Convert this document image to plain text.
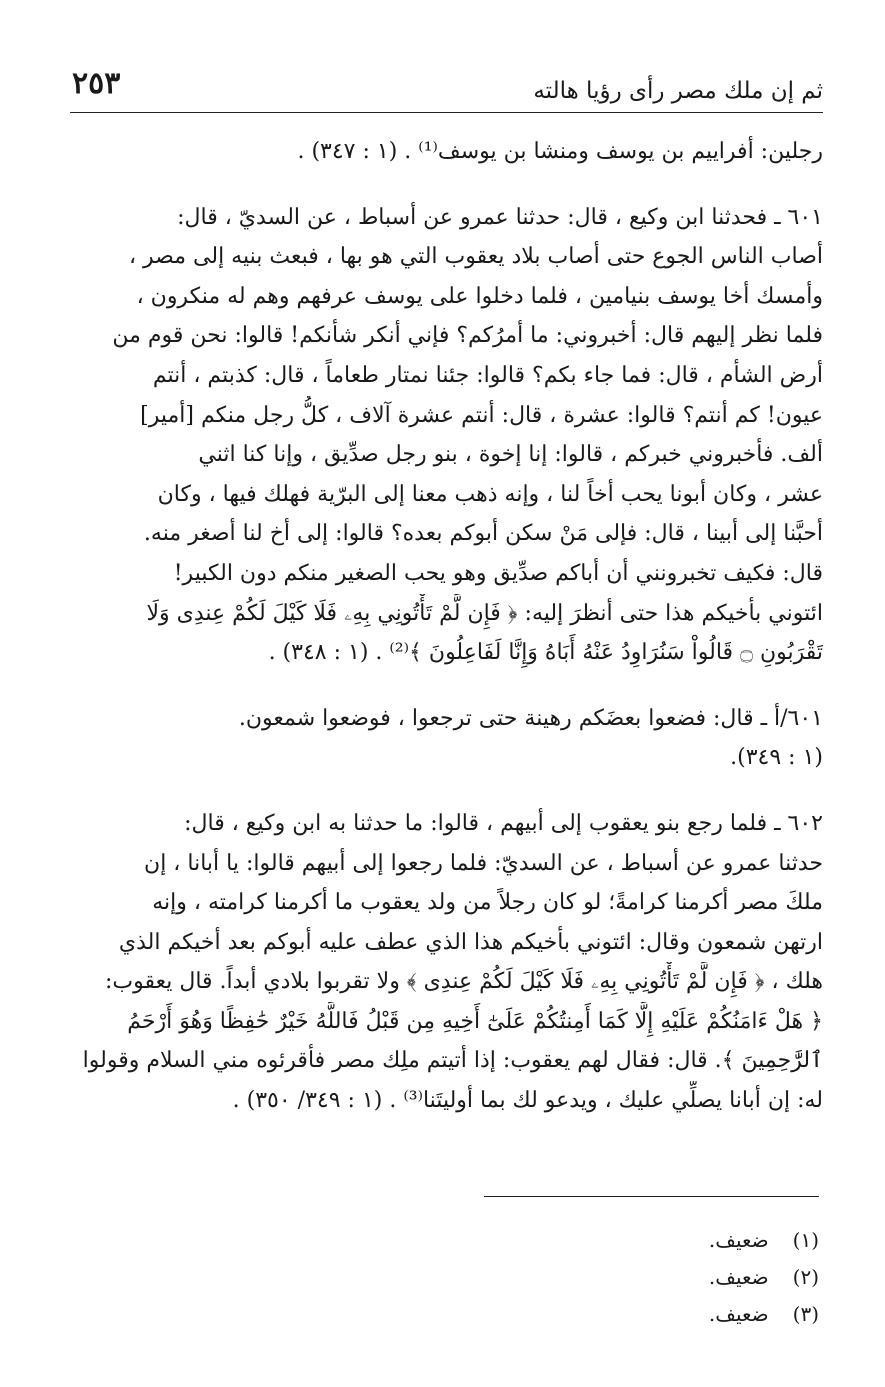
ثم إن ملك مصر رأى رؤيا هالته
٢٥٣
رجلين: أفراييم بن يوسف ومنشا بن يوسف⁽¹⁾ . (١ : ٣٤٧) .
٦٠١ ـ فحدثنا ابن وكيع ، قال: حدثنا عمرو عن أسباط ، عن السديّ ، قال:
أصاب الناس الجوع حتى أصاب بلاد يعقوب التي هو بها ، فبعث بنيه إلى مصر ،
وأمسك أخا يوسف بنيامين ، فلما دخلوا على يوسف عرفهم وهم له منكرون ،
فلما نظر إليهم قال: أخبروني: ما أمرُكم؟ فإني أنكر شأنكم! قالوا: نحن قوم من
أرض الشأم ، قال: فما جاء بكم؟ قالوا: جئنا نمتار طعاماً ، قال: كذبتم ، أنتم
عيون! كم أنتم؟ قالوا: عشرة ، قال: أنتم عشرة آلاف ، كلُّ رجل منكم [أمير]
ألف. فأخبروني خبركم ، قالوا: إنا إخوة ، بنو رجل صدِّيق ، وإنا كنا اثني
عشر ، وكان أبونا يحب أخاً لنا ، وإنه ذهب معنا إلى البرّية فهلك فيها ، وكان
أحبَّنا إلى أبينا ، قال: فإلى مَنْ سكن أبوكم بعده؟ قالوا: إلى أخ لنا أصغر منه.
قال: فكيف تخبرونني أن أباكم صدِّيق وهو يحب الصغير منكم دون الكبير!
ائتوني بأخيكم هذا حتى أنظرَ إليه: ﴿ فَإِن لَّمْ تَأْتُونِي بِهِۦ فَلَا كَيْلَ لَكُمْ عِندِى وَلَا
تَقْرَبُونِ ۝ قَالُواْ سَنُرَاوِدُ عَنْهُ أَبَاهُ وَإِنَّا لَفَاعِلُونَ ﴾⁽²⁾ . (١ : ٣٤٨) .
٦٠١/أ ـ قال: فضعوا بعضَكم رهينة حتى ترجعوا ، فوضعوا شمعون.
(١ : ٣٤٩).
٦٠٢ ـ فلما رجع بنو يعقوب إلى أبيهم ، قالوا: ما حدثنا به ابن وكيع ، قال:
حدثنا عمرو عن أسباط ، عن السديّ: فلما رجعوا إلى أبيهم قالوا: يا أبانا ، إن
ملكَ مصر أكرمنا كرامةً؛ لو كان رجلاً من ولد يعقوب ما أكرمنا كرامته ، وإنه
ارتهن شمعون وقال: ائتوني بأخيكم هذا الذي عطف عليه أبوكم بعد أخيكم الذي
هلك ، ﴿ فَإِن لَّمْ تَأْتُونِي بِهِۦ فَلَا كَيْلَ لَكُمْ عِندِى ﴾ ولا تقربوا بلادي أبداً. قال يعقوب:
﴿ هَلْ ءَامَنُكُمْ عَلَيْهِ إِلَّا كَمَا أَمِنتُكُمْ عَلَىٰٓ أَخِيهِ مِن قَبْلُ فَاللَّهُ خَيْرٌ حَٰفِظًا وَهُوَ أَرْحَمُ
ٱلرَّٰحِمِينَ ﴾. قال: فقال لهم يعقوب: إذا أتيتم ملِك مصر فأقرئوه مني السلام وقولوا
له: إن أبانا يصلِّي عليك ، ويدعو لك بما أوليتَنا⁽³⁾ . (١ : ٣٤٩/ ٣٥٠) .
(١) ضعيف.
(٢) ضعيف.
(٣) ضعيف.
